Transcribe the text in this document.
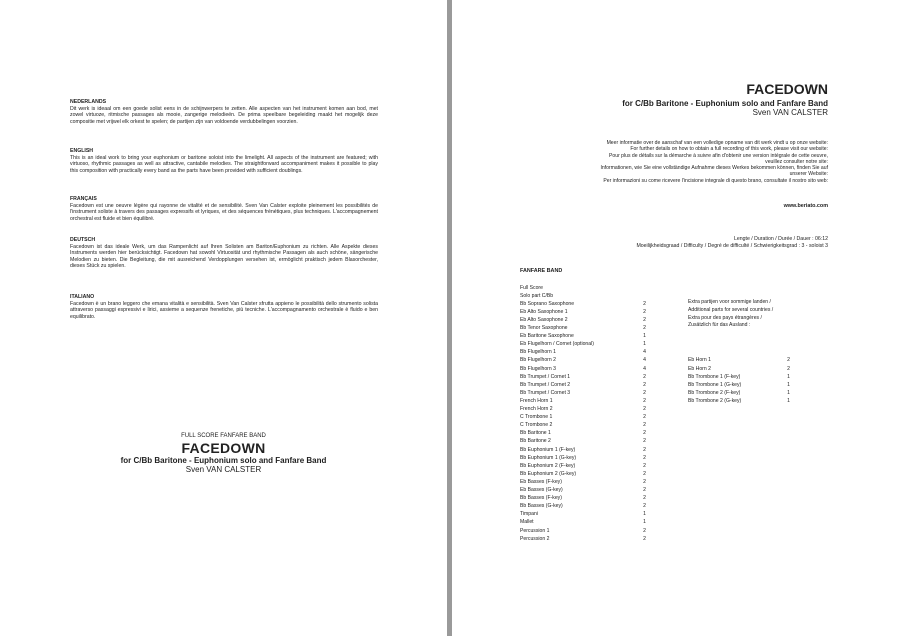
NEDERLANDS

Dit werk is ideaal om een goede solist eens in de schijnwerpers te zetten. Alle aspecten van het instrument komen aan bod, met zowel virtuoze, ritmische passages als mooie, zangerige melodieën. De prima speelbare begeleiding maakt het mogelijk deze compositie met vrijwel elk orkest te spelen; de partijen zijn van voldoende verdubbelingen voorzien.

ENGLISH

This is an ideal work to bring your euphonium or baritone soloist into the limelight. All aspects of the instrument are featured; with virtuoso, rhythmic passages as well as attractive, cantabile melodies. The straightforward accompaniment makes it possible to play this composition with practically every band as the parts have been provided with sufficient doublings.

FRANÇAIS

Facedown est une oeuvre légère qui rayonne de vitalité et de sensibilité. Sven Van Calster exploite pleinement les possibilités de l'instrument soliste à travers des passages expressifs et lyriques, et des séquences frénétiques, plus techniques. L'accompagnement orchestral est fluide et bien équilibré.

DEUTSCH

Facedown ist das ideale Werk, um das Rampenlicht auf Ihren Solisten am Bariton/Euphonium zu richten. Alle Aspekte dieses Instruments werden hier berücksichtigt. Facedown hat sowohl Virtuosität und rhythmische Passagen als auch schöne, sängerische Melodien zu bieten. Die Begleitung, die mit ausreichend Verdopplungen versehen ist, ermöglicht praktisch jedem Blasorchester, dieses Stück zu spielen.

ITALIANO

Facedown è un brano leggero che emana vitalità e sensibilità. Sven Van Calster sfrutta appieno le possibilità dello strumento solista attraverso passaggi espressivi e lirici, assieme a sequenze frenetiche, più tecniche. L'accompagnamento orchestrale è fluido e ben equilibrato.

FULL SCORE FANFARE BAND
FACEDOWN
for C/Bb Baritone - Euphonium solo and Fanfare Band
Sven VAN CALSTER
FACEDOWN
for C/Bb Baritone - Euphonium solo and Fanfare Band
Sven VAN CALSTER

Meer informatie over de aanschaf van een volledige opname van dit werk vindt u op onze website:

For further details on how to obtain a full recording of this work, please visit our website:

Pour plus de détails sur la démarche à suivre afin d'obtenir une version intégrale de cette oeuvre,

veuillez consulter notre site:

Informationen, wie Sie eine vollständige Aufnahme dieses Werkes bekommen können, finden Sie auf

unserer Website:

Per informazioni su come ricevere l'incisione integrale di questo brano, consultate il nostro sito web:

www.beriato.com
Lengte / Duration / Durée / Dauer : 06:12
Moeilijkheidsgraad / Difficulty / Degré de difficulté / Schwierigkeitsgrad : 3 - soloist 3
FANFARE BAND
Full Score
Solo part C/Bb
Bb Soprano Saxophone	2
Eb Alto Saxophone 1	2
Eb Alto Saxophone 2	2
Bb Tenor Saxophone	2
Eb Baritone Saxophone	1
Eb Flugelhorn / Cornet (optional)	1
Bb Flugelhorn 1	4
Bb Flugelhorn 2	4
Bb Flugelhorn 3	4
Bb Trumpet / Cornet 1	2
Bb Trumpet / Cornet 2	2
Bb Trumpet / Cornet 3	2
French Horn 1	2
French Horn 2	2
C Trombone 1	2
C Trombone 2	2
Bb Baritone 1	2
Bb Baritone 2	2
Bb Euphonium 1 (F-key)	2
Bb Euphonium 1 (G-key)	2
Bb Euphonium 2 (F-key)	2
Bb Euphonium 2 (G-key)	2
Eb Basses (F-key)	2
Eb Basses (G-key)	2
Bb Basses (F-key)	2
Bb Basses (G-key)	2
Timpani	1
Mallet	1
Percussion 1	2
Percussion 2	2

Extra partijen voor sommige landen /

Additional parts for several countries /

Extra pour des pays étrangères /

Zusätzlich für das Ausland :

Eb Horn 1	2
Eb Horn 2	2
Bb Trombone 1 (F-key)	1
Bb Trombone 1 (G-key)	1
Bb Trombone 2 (F-key)	1
Bb Trombone 2 (G-key)	1
